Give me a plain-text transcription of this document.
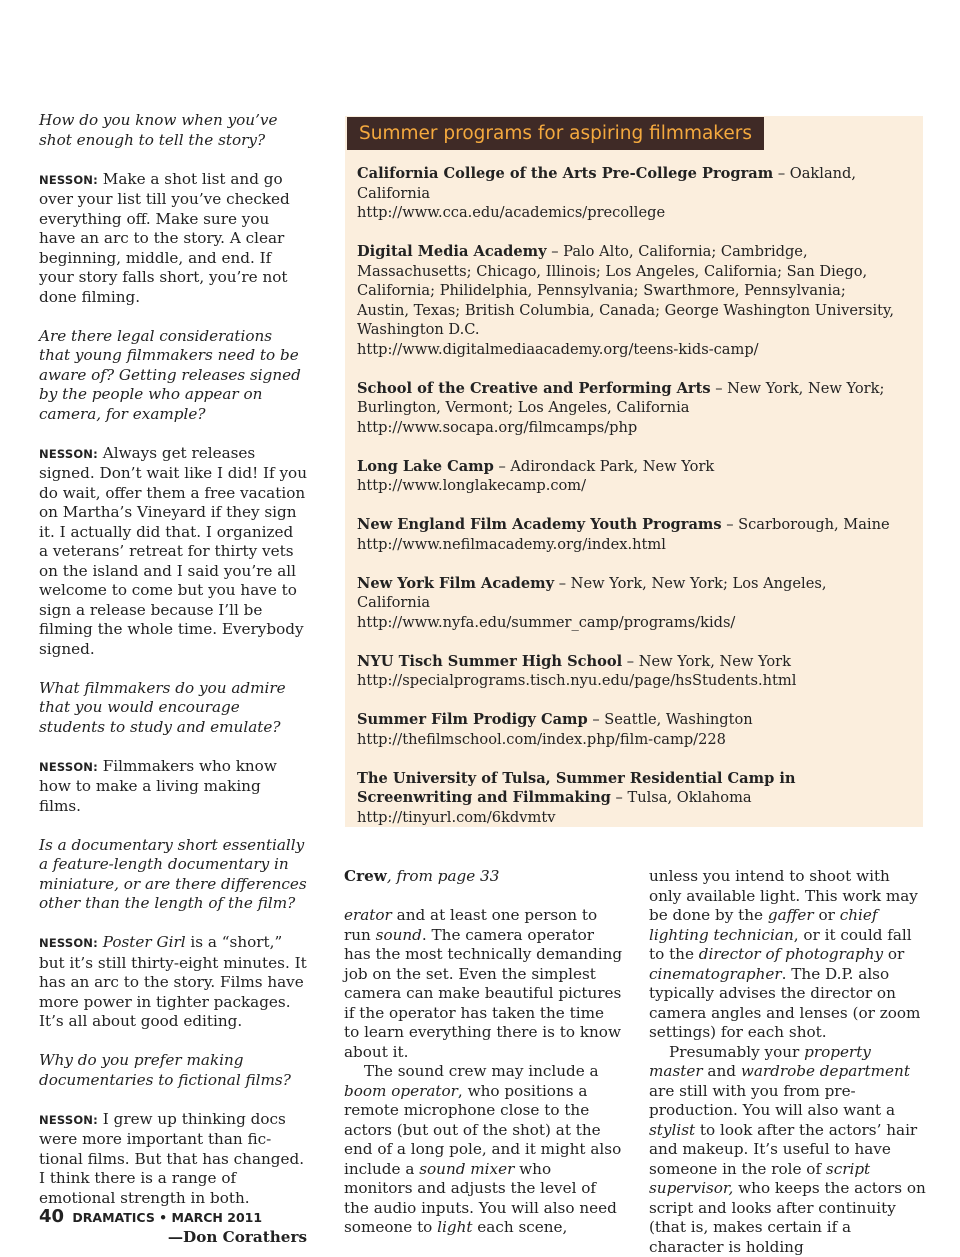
How do you know when you’ve shot enough to tell the story?

NESSON: Make a shot list and go over your list till you’ve checked everything off. Make sure you have an arc to the story. A clear beginning, middle, and end. If your story falls short, you’re not done filming.

Are there legal considerations that young filmmakers need to be aware of? Getting releases signed by the people who appear on camera, for example?

NESSON: Always get releases signed. Don’t wait like I did! If you do wait, offer them a free vacation on Martha’s Vineyard if they sign it. I actually did that. I organized a veterans’ retreat for thirty vets on the island and I said you’re all welcome to come but you have to sign a release because I’ll be filming the whole time. Everybody signed.

What filmmakers do you admire that you would encourage students to study and emulate?

NESSON: Filmmakers who know how to make a living making films.

Is a documentary short essentially a feature-length documentary in miniature, or are there differences other than the length of the film?

NESSON: Poster Girl is a “short,” but it’s still thirty-eight minutes. It has an arc to the story. Films have more power in tighter packages. It’s all about good editing.

Why do you prefer making documentaries to fictional films?

NESSON: I grew up thinking docs were more important than fictional films. But that has changed. I think there is a range of emotional strength in both.

—Don Corathers

Summer programs for aspiring filmmakers
California College of the Arts Pre-College Program – Oakland, California
http://www.cca.edu/academics/precollege
Digital Media Academy – Palo Alto, California; Cambridge, Massachusetts; Chicago, Illinois; Los Angeles, California; San Diego, California; Philidelphia, Pennsylvania; Swarthmore, Pennsylvania; Austin, Texas; British Columbia, Canada; George Washington University, Washington D.C.
http://www.digitalmediaacademy.org/teens-kids-camp/
School of the Creative and Performing Arts – New York, New York; Burlington, Vermont; Los Angeles, California
http://www.socapa.org/filmcamps/php
Long Lake Camp – Adirondack Park, New York
http://www.longlakecamp.com/
New England Film Academy Youth Programs – Scarborough, Maine
http://www.nefilmacademy.org/index.html
New York Film Academy – New York, New York; Los Angeles, California
http://www.nyfa.edu/summer_camp/programs/kids/
NYU Tisch Summer High School – New York, New York
http://specialprograms.tisch.nyu.edu/page/hsStudents.html
Summer Film Prodigy Camp – Seattle, Washington
http://thefilmschool.com/index.php/film-camp/228
The University of Tulsa, Summer Residential Camp in Screenwriting and Filmmaking – Tulsa, Oklahoma
http://tinyurl.com/6kdvmtv

Crew, from page 33

erator and at least one person to run sound. The camera operator has the most technically demanding job on the set. Even the simplest camera can make beautiful pictures if the operator has taken the time to learn everything there is to know about it.

The sound crew may include a boom operator, who positions a remote microphone close to the actors (but out of the shot) at the end of a long pole, and it might also include a sound mixer who monitors and adjusts the level of the audio inputs. You will also need someone to light each scene,

unless you intend to shoot with only available light. This work may be done by the gaffer or chief lighting technician, or it could fall to the director of photography or cinematographer. The D.P. also typically advises the director on camera angles and lenses (or zoom settings) for each shot.

Presumably your property master and wardrobe department are still with you from pre-production. You will also want a stylist to look after the actors’ hair and makeup. It’s useful to have someone in the role of script supervisor, who keeps the actors on script and looks after continuity (that is, makes certain if a character is holding

40 DRAMATICS • MARCH 2011
